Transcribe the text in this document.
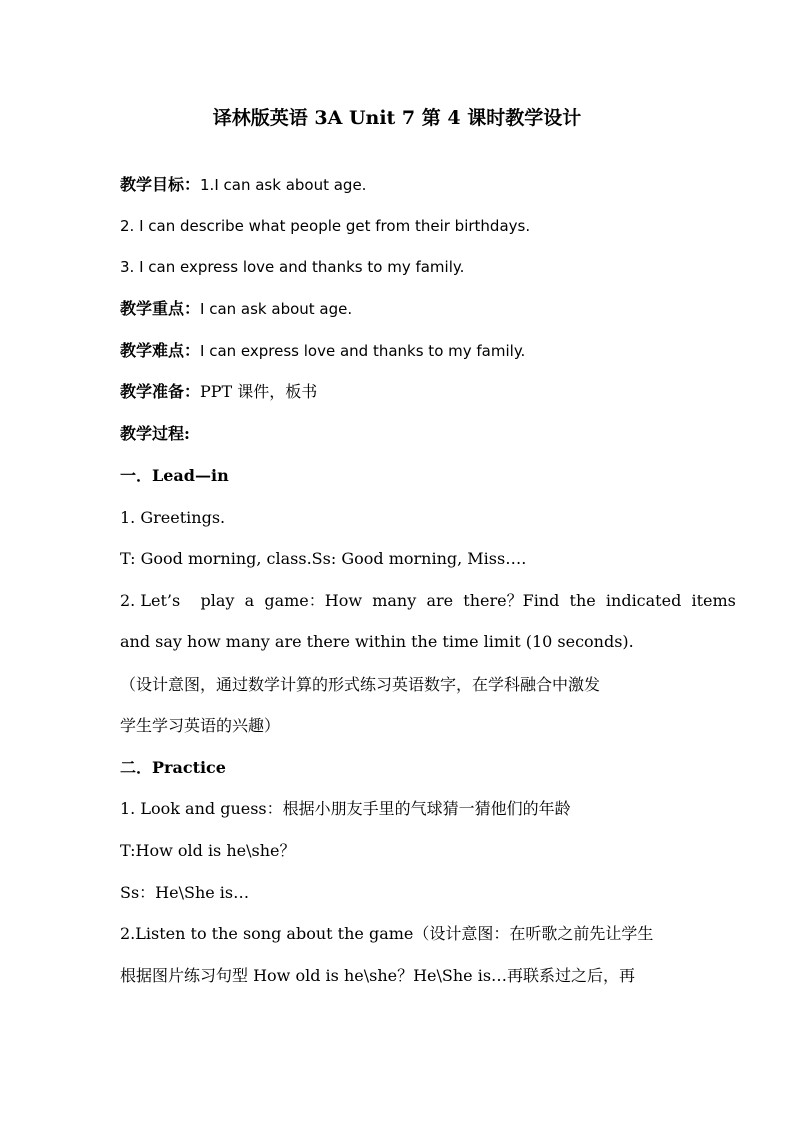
译林版英语 3A Unit 7 第 4 课时教学设计
教学目标：1.I can ask about age.
2. I can describe what people get from their birthdays.
3. I can express love and thanks to my family.
教学重点：I can ask about age.
教学难点：I can express love and thanks to my family.
教学准备：PPT 课件，板书
教学过程:
一．Lead—in
1. Greetings.
T: Good morning, class.Ss: Good morning, Miss….
2. Let’s    play  a  game：How  many  are  there？Find  the  indicated  items
and say how many are there within the time limit (10 seconds).
（设计意图，通过数学计算的形式练习英语数字，在学科融合中激发
学生学习英语的兴趣）
二．Practice
1. Look and guess：根据小朋友手里的气球猜一猜他们的年龄
T:How old is he\she？
Ss：He\She is…
2.Listen to the song about the game（设计意图：在听歌之前先让学生
根据图片练习句型 How old is he\she？He\She is…再联系过之后，再
